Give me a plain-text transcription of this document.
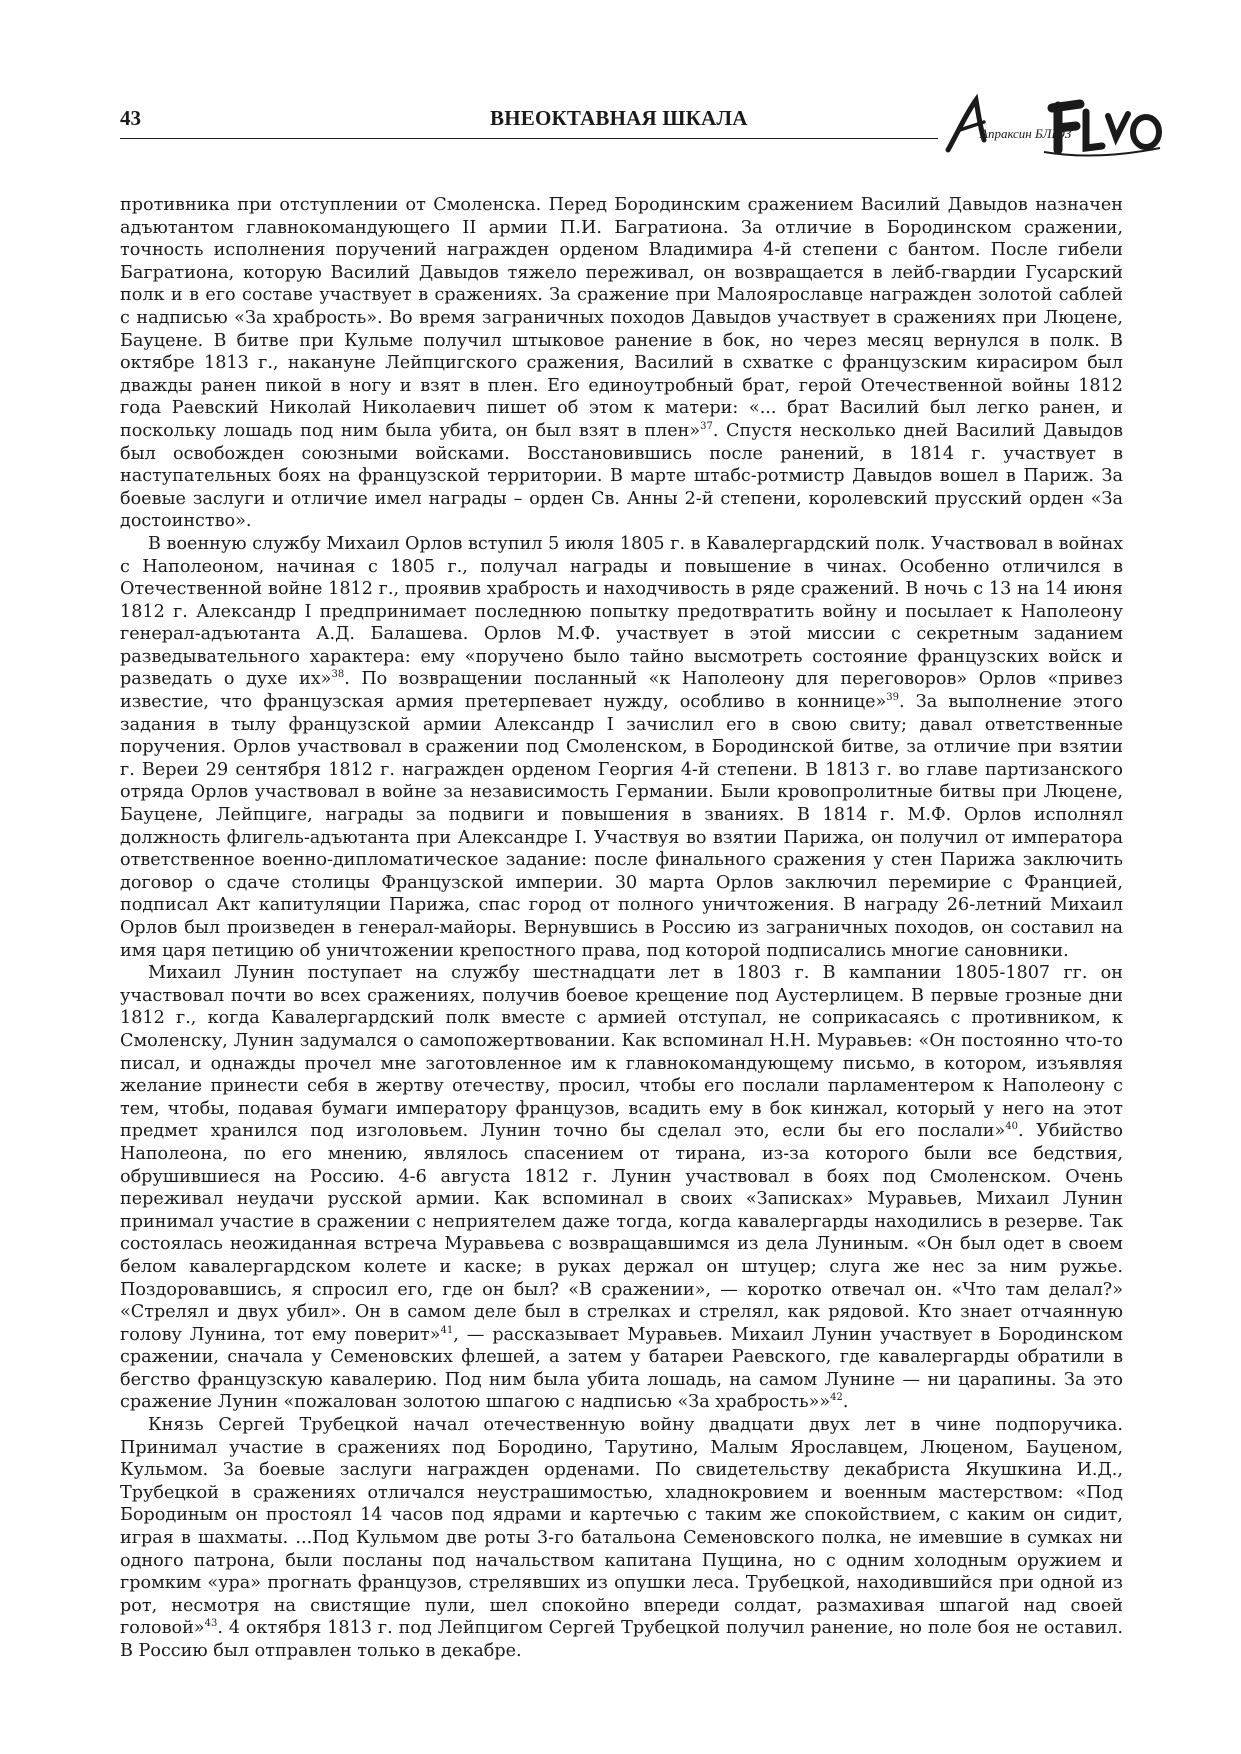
43	ВНЕОКТАВНАЯ ШКАЛА
Апраксин БЛЮЗ

противника при отступлении от Смоленска. Перед Бородинским сражением Василий Давыдов назначен адъютантом главнокомандующего II армии П.И. Багратиона. За отличие в Бородинском сражении, точность исполнения поручений награжден орденом Владимира 4-й степени с бантом. После гибели Багратиона, которую Василий Давыдов тяжело переживал, он возвращается в лейб-гвардии Гусарский полк и в его составе участвует в сражениях. За сражение при Малоярославце награжден золотой саблей с надписью «За храбрость». Во время заграничных походов Давыдов участвует в сражениях при Люцене, Бауцене. В битве при Кульме получил штыковое ранение в бок, но через месяц вернулся в полк. В октябре 1813 г., накануне Лейпцигского сражения, Василий в схватке с французским кирасиром был дважды ранен пикой в ногу и взят в плен. Его единоутробный брат, герой Отечественной войны 1812 года Раевский Николай Николаевич пишет об этом к матери: «... брат Василий был легко ранен, и поскольку лошадь под ним была убита, он был взят в плен»$^{37}$. Спустя несколько дней Василий Давыдов был освобожден союзными войсками. Восстановившись после ранений, в 1814 г. участвует в наступательных боях на французской территории. В марте штабс-ротмистр Давыдов вошел в Париж. За боевые заслуги и отличие имел награды – орден Св. Анны 2-й степени, королевский прусский орден «За достоинство».

В военную службу Михаил Орлов вступил 5 июля 1805 г. в Кавалергардский полк. Участвовал в войнах с Наполеоном, начиная с 1805 г., получал награды и повышение в чинах. Особенно отличился в Отечественной войне 1812 г., проявив храбрость и находчивость в ряде сражений. В ночь с 13 на 14 июня 1812 г. Александр I предпринимает последнюю попытку предотвратить войну и посылает к Наполеону генерал-адъютанта А.Д. Балашева. Орлов М.Ф. участвует в этой миссии с секретным заданием разведывательного характера: ему «поручено было тайно высмотреть состояние французских войск и разведать о духе их»$^{38}$. По возвращении посланный «к Наполеону для переговоров» Орлов «привез известие, что французская армия претерпевает нужду, особливо в коннице»$^{39}$. За выполнение этого задания в тылу французской армии Александр I зачислил его в свою свиту; давал ответственные поручения. Орлов участвовал в сражении под Смоленском, в Бородинской битве, за отличие при взятии г. Вереи 29 сентября 1812 г. награжден орденом Георгия 4-й степени. В 1813 г. во главе партизанского отряда Орлов участвовал в войне за независимость Германии. Были кровопролитные битвы при Люцене, Бауцене, Лейпциге, награды за подвиги и повышения в званиях. В 1814 г. М.Ф. Орлов исполнял должность флигель-адъютанта при Александре I. Участвуя во взятии Парижа, он получил от императора ответственное военно-дипломатическое задание: после финального сражения у стен Парижа заключить договор о сдаче столицы Французской империи. 30 марта Орлов заключил перемирие с Францией, подписал Акт капитуляции Парижа, спас город от полного уничтожения. В награду 26-летний Михаил Орлов был произведен в генерал-майоры. Вернувшись в Россию из заграничных походов, он составил на имя царя петицию об уничтожении крепостного права, под которой подписались многие сановники.

Михаил Лунин поступает на службу шестнадцати лет в 1803 г. В кампании 1805-1807 гг. он участвовал почти во всех сражениях, получив боевое крещение под Аустерлицем. В первые грозные дни 1812 г., когда Кавалергардский полк вместе с армией отступал, не соприкасаясь с противником, к Смоленску, Лунин задумался о самопожертвовании. Как вспоминал Н.Н. Муравьев: «Он постоянно что-то писал, и однажды прочел мне заготовленное им к главнокомандующему письмо, в котором, изъявляя желание принести себя в жертву отечеству, просил, чтобы его послали парламентером к Наполеону с тем, чтобы, подавая бумаги императору французов, всадить ему в бок кинжал, который у него на этот предмет хранился под изголовьем. Лунин точно бы сделал это, если бы его послали»$^{40}$. Убийство Наполеона, по его мнению, являлось спасением от тирана, из-за которого были все бедствия, обрушившиеся на Россию. 4-6 августа 1812 г. Лунин участвовал в боях под Смоленском. Очень переживал неудачи русской армии. Как вспоминал в своих «Записках» Муравьев, Михаил Лунин принимал участие в сражении с неприятелем даже тогда, когда кавалергарды находились в резерве. Так состоялась неожиданная встреча Муравьева с возвращавшимся из дела Луниным. «Он был одет в своем белом кавалергардском колете и каске; в руках держал он штуцер; слуга же нес за ним ружье. Поздоровавшись, я спросил его, где он был? «В сражении», — коротко отвечал он. «Что там делал?» «Стрелял и двух убил». Он в самом деле был в стрелках и стрелял, как рядовой. Кто знает отчаянную голову Лунина, тот ему поверит»$^{41}$, — рассказывает Муравьев. Михаил Лунин участвует в Бородинском сражении, сначала у Семеновских флешей, а затем у батареи Раевского, где кавалергарды обратили в бегство французскую кавалерию. Под ним была убита лошадь, на самом Лунине — ни царапины. За это сражение Лунин «пожалован золотою шпагою с надписью «За храбрость»»$^{42}$.

Князь Сергей Трубецкой начал отечественную войну двадцати двух лет в чине подпоручика. Принимал участие в сражениях под Бородино, Тарутино, Малым Ярославцем, Люценом, Бауценом, Кульмом. За боевые заслуги награжден орденами. По свидетельству декабриста Якушкина И.Д., Трубецкой в сражениях отличался неустрашимостью, хладнокровием и военным мастерством: «Под Бородиным он простоял 14 часов под ядрами и картечью с таким же спокойствием, с каким он сидит, играя в шахматы. ...Под Кульмом две роты 3-го батальона Семеновского полка, не имевшие в сумках ни одного патрона, были посланы под начальством капитана Пущина, но с одним холодным оружием и громким «ура» прогнать французов, стрелявших из опушки леса. Трубецкой, находившийся при одной из рот, несмотря на свистящие пули, шел спокойно впереди солдат, размахивая шпагой над своей головой»$^{43}$. 4 октября 1813 г. под Лейпцигом Сергей Трубецкой получил ранение, но поле боя не оставил. В Россию был отправлен только в декабре.
